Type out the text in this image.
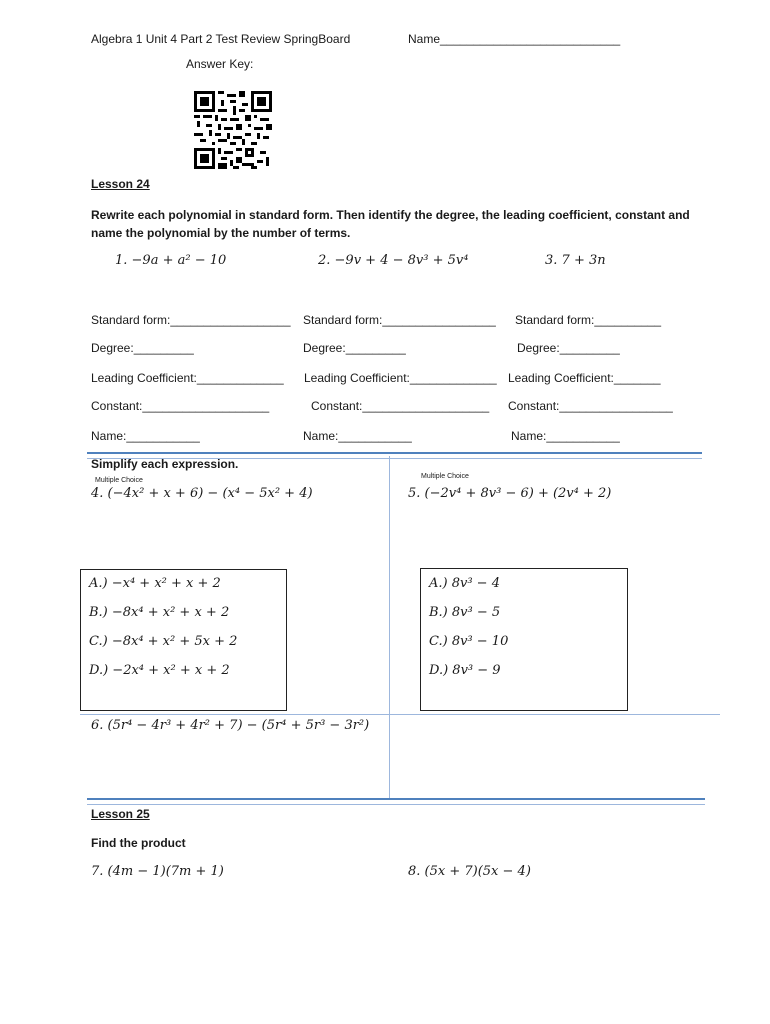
Algebra 1 Unit 4 Part 2 Test Review SpringBoard	Name___________________________
Answer Key:
Lesson 24
Rewrite each polynomial in standard form. Then identify the degree, the leading coefficient, constant and name the polynomial by the number of terms.
1. −9a + a² − 10	2. −9v + 4 − 8v³ + 5v⁴	3. 7 + 3n
Standard form:__________________ Standard form:_________________ Standard form:__________
Degree:_________	Degree:_________	Degree:_________
Leading Coefficient:_____________ Leading Coefficient:_____________ Leading Coefficient:_______
Constant:___________________	Constant:___________________ Constant:_________________
Name:___________	Name:___________	Name:___________
Simplify each expression.
Multiple Choice
Multiple Choice
4. (−4x² + x + 6) − (x⁴ − 5x² + 4)	5. (−2v⁴ + 8v³ − 6) + (2v⁴ + 2)
A.) −x⁴ + x² + x + 2
B.) −8x⁴ + x² + x + 2
C.) −8x⁴ + x² + 5x + 2
D.) −2x⁴ + x² + x + 2
A.) 8v³ − 4
B.) 8v³ − 5
C.) 8v³ − 10
D.) 8v³ − 9
6. (5r⁴ − 4r³ + 4r² + 7) − (5r⁴ + 5r³ − 3r²)
Lesson 25
Find the product
7. (4m − 1)(7m + 1)	8. (5x + 7)(5x − 4)
